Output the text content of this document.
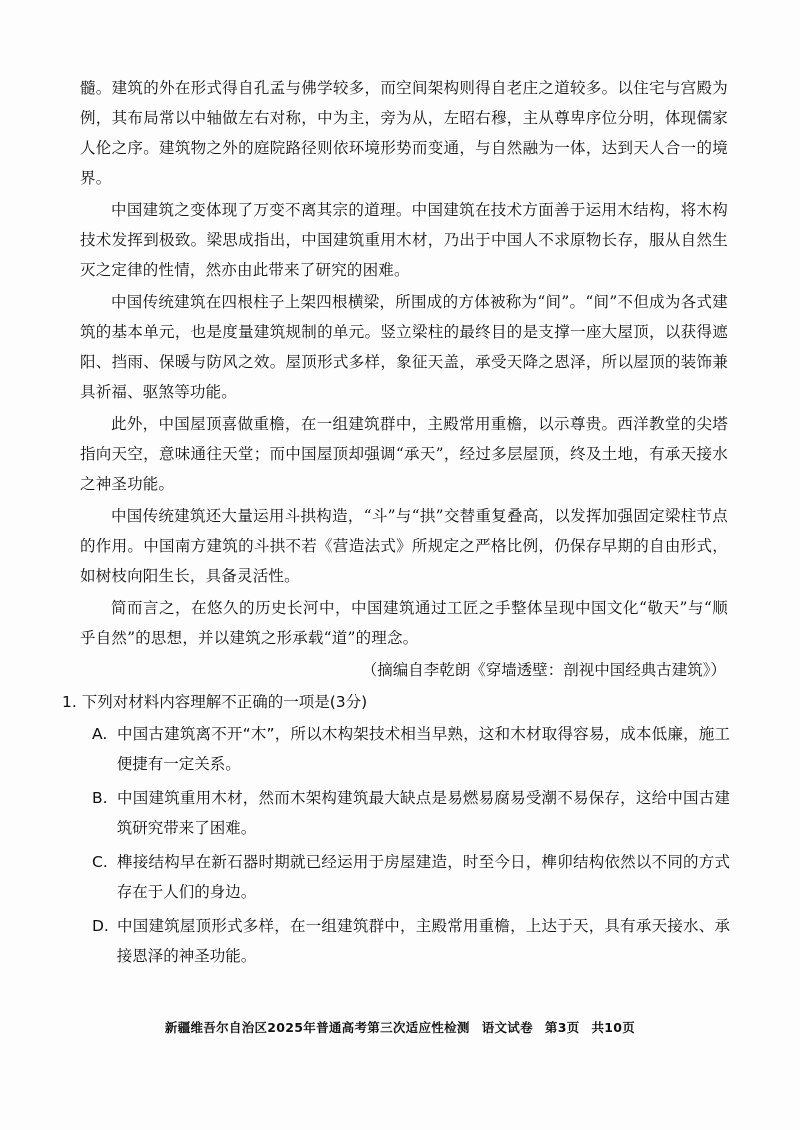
髓。建筑的外在形式得自孔孟与佛学较多，而空间架构则得自老庄之道较多。以住宅与宫殿为例，其布局常以中轴做左右对称，中为主，旁为从，左昭右穆，主从尊卑序位分明，体现儒家人伦之序。建筑物之外的庭院路径则依环境形势而变通，与自然融为一体，达到天人合一的境界。

中国建筑之变体现了万变不离其宗的道理。中国建筑在技术方面善于运用木结构，将木构技术发挥到极致。梁思成指出，中国建筑重用木材，乃出于中国人不求原物长存，服从自然生灭之定律的性情，然亦由此带来了研究的困难。

中国传统建筑在四根柱子上架四根横梁，所围成的方体被称为“间”。“间”不但成为各式建筑的基本单元，也是度量建筑规制的单元。竖立梁柱的最终目的是支撑一座大屋顶，以获得遮阳、挡雨、保暖与防风之效。屋顶形式多样，象征天盖，承受天降之恩泽，所以屋顶的装饰兼具祈福、驱煞等功能。

此外，中国屋顶喜做重檐，在一组建筑群中，主殿常用重檐，以示尊贵。西洋教堂的尖塔指向天空，意味通往天堂；而中国屋顶却强调“承天”，经过多层屋顶，终及土地，有承天接水之神圣功能。

中国传统建筑还大量运用斗拱构造，“斗”与“拱”交替重复叠高，以发挥加强固定梁柱节点的作用。中国南方建筑的斗拱不若《营造法式》所规定之严格比例，仍保存早期的自由形式，如树枝向阳生长，具备灵活性。

简而言之，在悠久的历史长河中，中国建筑通过工匠之手整体呈现中国文化“敬天”与“顺乎自然”的思想，并以建筑之形承载“道”的理念。

（摘编自李乾朗《穿墙透壁：剖视中国经典古建筑》）

1. 下列对材料内容理解不正确的一项是(3分)

A. 中国古建筑离不开“木”，所以木构架技术相当早熟，这和木材取得容易，成本低廉，施工便捷有一定关系。
B. 中国建筑重用木材，然而木架构建筑最大缺点是易燃易腐易受潮不易保存，这给中国古建筑研究带来了困难。
C. 榫接结构早在新石器时期就已经运用于房屋建造，时至今日，榫卯结构依然以不同的方式存在于人们的身边。
D. 中国建筑屋顶形式多样，在一组建筑群中，主殿常用重檐，上达于天，具有承天接水、承接恩泽的神圣功能。
新疆维吾尔自治区2025年普通高考第三次适应性检测 语文试卷 第3页 共10页
